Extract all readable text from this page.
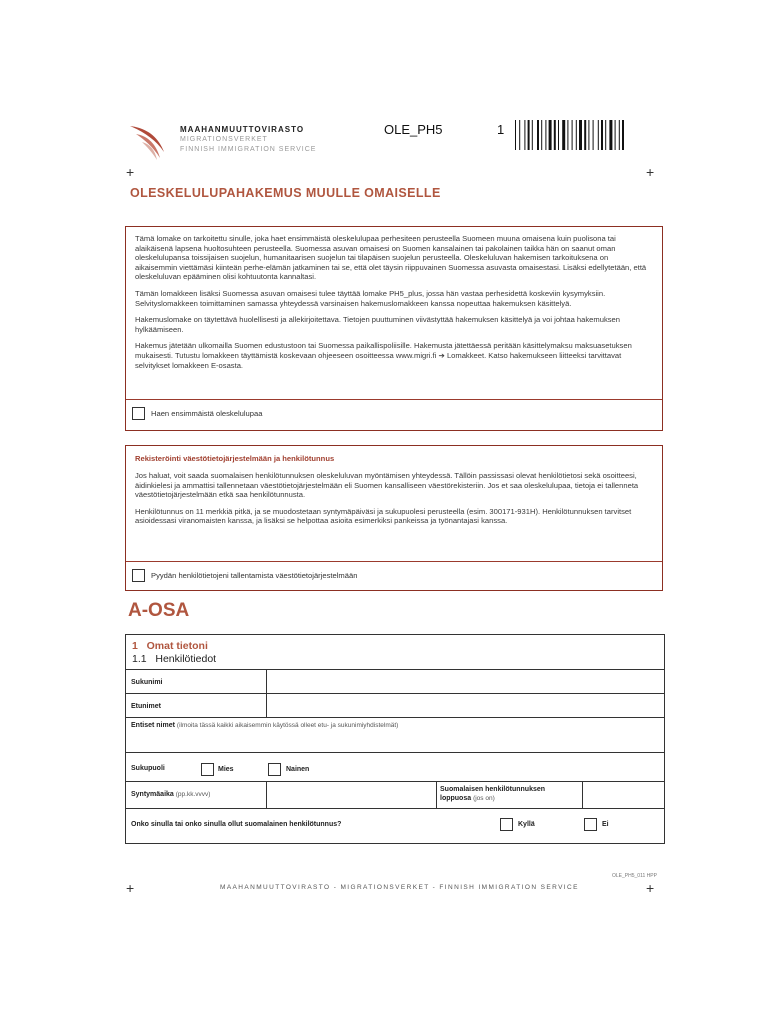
MAAHANMUUTTOVIRASTO
MIGRATIONSVERKET
FINNISH IMMIGRATION SERVICE
OLE_PH5	1
+	+
OLESKELULUPAHAKEMUS MUULLE OMAISELLE

Tämä lomake on tarkoitettu sinulle, joka haet ensimmäistä oleskelulupaa perhesiteen perusteella Suomeen muuna omaisena kuin puolisona tai alaikäisenä lapsena huoltosuhteen perusteella. Suomessa asuvan omaisesi on Suomen kansalainen tai pakolainen taikka hän on saanut oman oleskelulupansa toissijaisen suojelun, humanitaarisen suojelun tai tilapäisen suojelun perusteella. Oleskeluluvan hakemisen tarkoituksena on aikaisemmin viettämäsi kiinteän perhe-elämän jatkaminen tai se, että olet täysin riippuvainen Suomessa asuvasta omaisestasi. Lisäksi edellytetään, että oleskeluluvan epääminen olisi kohtuutonta kannaltasi.

Tämän lomakkeen lisäksi Suomessa asuvan omaisesi tulee täyttää lomake PH5_plus, jossa hän vastaa perhesidettä koskeviin kysymyksiin. Selvityslomakkeen toimittaminen samassa yhteydessä varsinaisen hakemuslomakkeen kanssa nopeuttaa hakemuksen käsittelyä.

Hakemuslomake on täytettävä huolellisesti ja allekirjoitettava. Tietojen puuttuminen viivästyttää hakemuksen käsittelyä ja voi johtaa hakemuksen hylkäämiseen.

Hakemus jätetään ulkomailla Suomen edustustoon tai Suomessa paikallispoliisille. Hakemusta jätettäessä peritään käsittelymaksu maksuasetuksen mukaisesti. Tutustu lomakkeen täyttämistä koskevaan ohjeeseen osoitteessa www.migri.fi ➔ Lomakkeet. Katso hakemukseen liitteeksi tarvittavat selvitykset lomakkeen E-osasta.

Haen ensimmäistä oleskelulupaa
Rekisteröinti väestötietojärjestelmään ja henkilötunnus

Jos haluat, voit saada suomalaisen henkilötunnuksen oleskeluluvan myöntämisen yhteydessä. Tällöin passissasi olevat henkilötietosi sekä osoitteesi, äidinkielesi ja ammattisi tallennetaan väestötietojärjestelmään eli Suomen kansalliseen väestörekisteriin. Jos et saa oleskelulupaa, tietoja ei tallenneta väestötietojärjestelmään etkä saa henkilötunnusta.

Henkilötunnus on 11 merkkiä pitkä, ja se muodostetaan syntymäpäiväsi ja sukupuolesi perusteella (esim. 300171-931H). Henkilötunnuksen tarvitset asioidessasi viranomaisten kanssa, ja lisäksi se helpottaa asioita esimerkiksi pankeissa ja työnantajasi kanssa.

Pyydän henkilötietojeni tallentamista väestötietojärjestelmään
A-OSA
1 Omat tietoni
1.1 Henkilötiedot
Sukunimi
Etunimet
Entiset nimet (ilmoita tässä kaikki aikaisemmin käytössä olleet etu- ja sukunimiyhdistelmät)
Sukupuoli	Mies	Nainen
Syntymäaika (pp.kk.vvvv)
Suomalaisen henkilötunnuksen
loppuosa (jos on)
Onko sinulla tai onko sinulla ollut suomalainen henkilötunnus?	Kyllä	Ei
OLE_PH5_011 HPP
+	MAAHANMUUTTOVIRASTO - MIGRATIONSVERKET - FINNISH IMMIGRATION SERVICE	+
